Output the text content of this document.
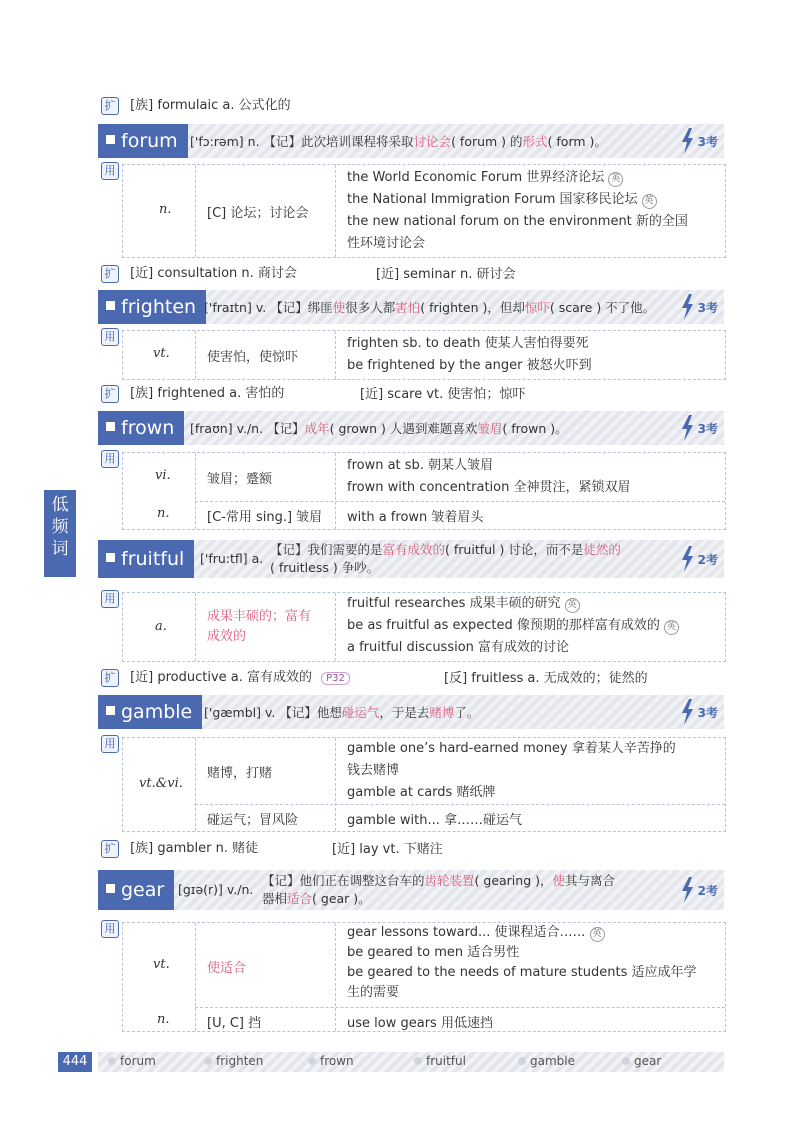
扩 [族] formulaic a. 公式化的
低
频
词
forum ['fɔ:rəm] n. 【记】此次培训课程将采取讨论会( forum ) 的形式( form )。	3考
用
n.	[C] 论坛；讨论会
the World Economic Forum 世界经济论坛 英
the National Immigration Forum 国家移民论坛 英
the new national forum on the environment 新的全国
性环境讨论会
扩 [近] consultation n. 商讨会	[近] seminar n. 研讨会
frighten ['fraɪtn] v. 【记】绑匪使很多人都害怕( frighten )，但却惊吓( scare ) 不了他。	3考
用
vt.	使害怕，使惊吓
frighten sb. to death 使某人害怕得要死
be frightened by the anger 被怒火吓到
扩 [族] frightened a. 害怕的	[近] scare vt. 使害怕；惊吓
frown	[fraʊn] v./n. 【记】成年( grown ) 人遇到难题喜欢皱眉( frown )。	3考
用
vi.	皱眉；蹙额
frown at sb. 朝某人皱眉
frown with concentration 全神贯注，紧锁双眉
n.	[C-常用 sing.] 皱眉 with a frown 皱着眉头
fruitful	['fru:tfl] a.
【记】我们需要的是富有成效的( fruitful ) 讨论，而不是徒然的
( fruitless ) 争吵。	2考
用
a.
成果丰硕的；富有
成效的
fruitful researches 成果丰硕的研究 英
be as fruitful as expected 像预期的那样富有成效的 英
a fruitful discussion 富有成效的讨论
扩 [近] productive a. 富有成效的 P32	[反] fruitless a. 无成效的；徒然的
gamble ['gæmbl] v. 【记】他想碰运气，于是去赌博了。	3考
用
vt.&vi.
赌博，打赌
gamble one’s hard-earned money 拿着某人辛苦挣的
钱去赌博
gamble at cards 赌纸牌
碰运气；冒风险	gamble with... 拿……碰运气
扩 [族] gambler n. 赌徒	[近] lay vt. 下赌注
gear	[gɪə(r)] v./n.
【记】他们正在调整这台车的齿轮装置( gearing )，使其与离合
器相适合( gear )。	2考
用
vt.	使适合
gear lessons toward... 使课程适合…… 英
be geared to men 适合男性
be geared to the needs of mature students 适应成年学
生的需要
n.	[U, C] 挡	use low gears 用低速挡
444	forum	frighten	frown	fruitful	gamble	gear
